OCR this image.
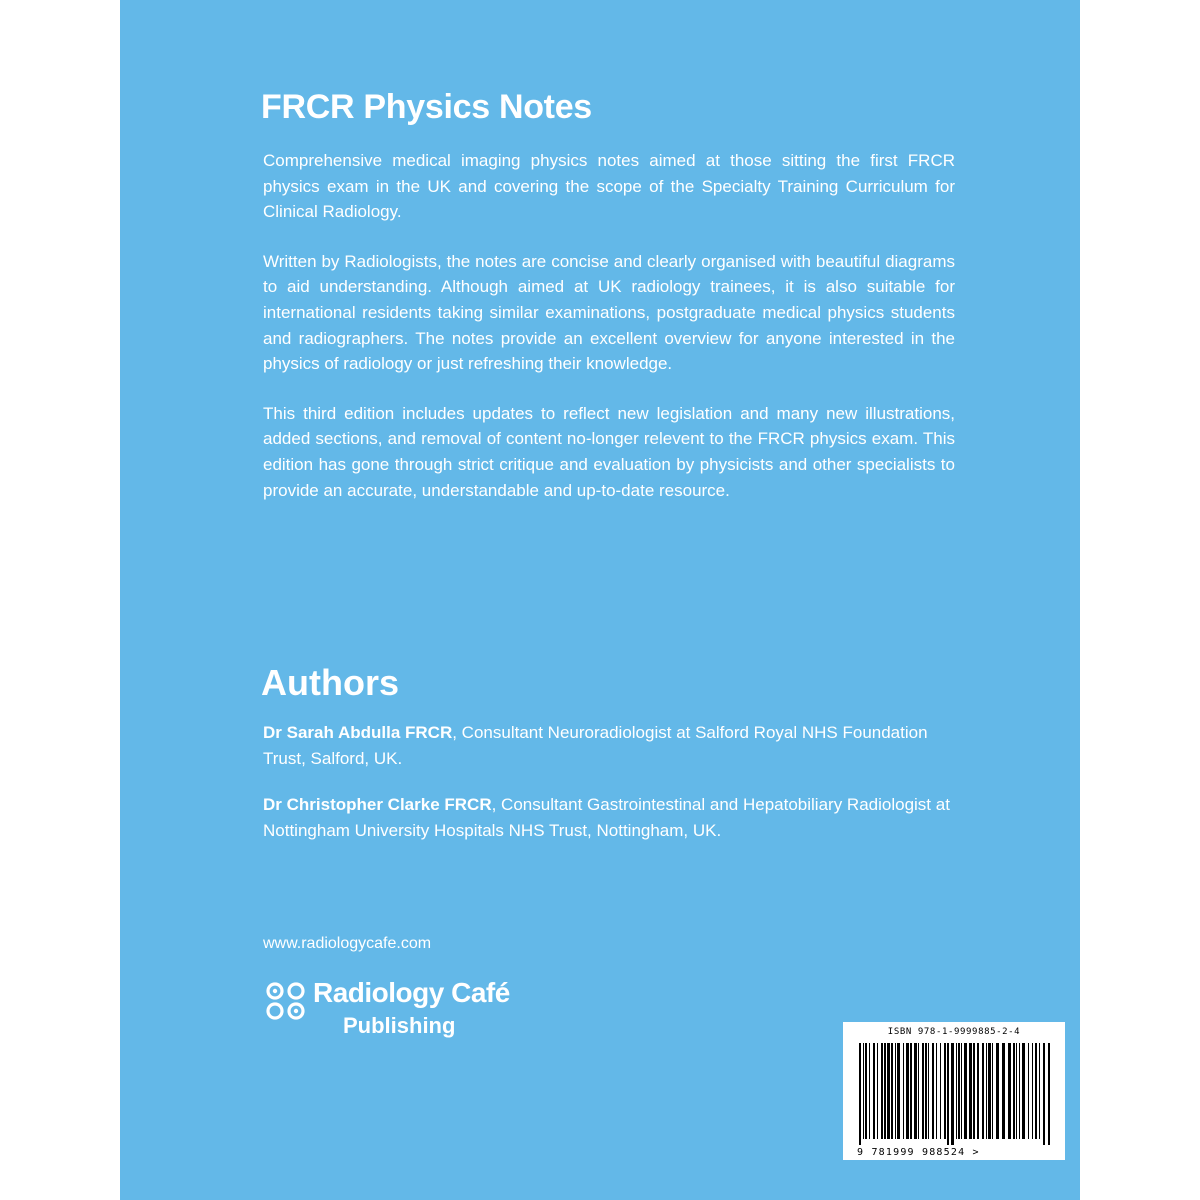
FRCR Physics Notes

Comprehensive medical imaging physics notes aimed at those sitting the first FRCR physics exam in the UK and covering the scope of the Specialty Training Curriculum for Clinical Radiology.

Written by Radiologists, the notes are concise and clearly organised with beautiful diagrams to aid understanding. Although aimed at UK radiology trainees, it is also suitable for international residents taking similar examinations, postgraduate medical physics students and radiographers. The notes provide an excellent overview for anyone interested in the physics of radiology or just refreshing their knowledge.

This third edition includes updates to reflect new legislation and many new illustrations, added sections, and removal of content no-longer relevent to the FRCR physics exam. This edition has gone through strict critique and evaluation by physicists and other specialists to provide an accurate, understandable and up-to-date resource.

Authors

Dr Sarah Abdulla FRCR, Consultant Neuroradiologist at Salford Royal NHS Foundation Trust, Salford, UK.

Dr Christopher Clarke FRCR, Consultant Gastrointestinal and Hepatobiliary Radiologist at Nottingham University Hospitals NHS Trust, Nottingham, UK.

www.radiologycafe.com
Radiology Café
Publishing	ISBN 978-1-9999885-2-4
9 781999 988524 >
